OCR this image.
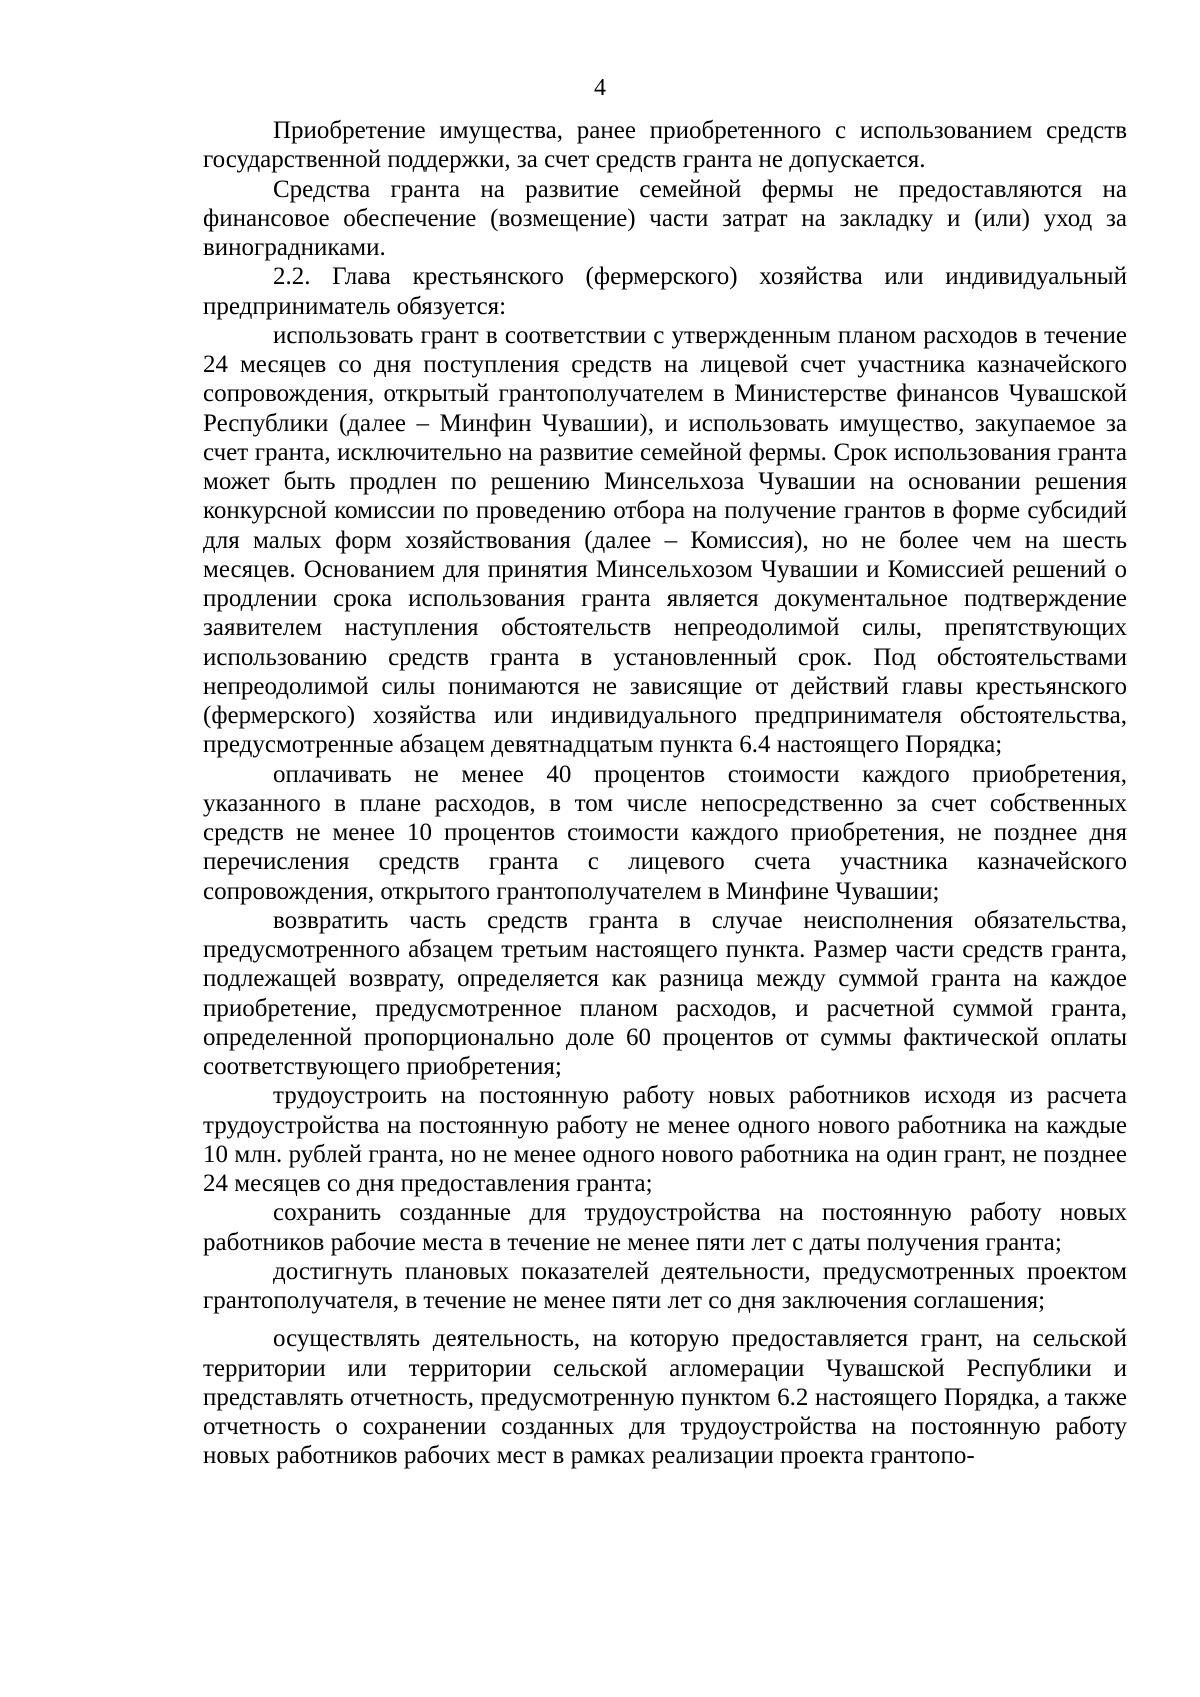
4

Приобретение имущества, ранее приобретенного с использованием средств государственной поддержки, за счет средств гранта не допускается.

Средства гранта на развитие семейной фермы не предоставляются на финансовое обеспечение (возмещение) части затрат на закладку и (или) уход за виноградниками.

2.2. Глава крестьянского (фермерского) хозяйства или индивидуальный предприниматель обязуется:

использовать грант в соответствии с утвержденным планом расходов в течение 24 месяцев со дня поступления средств на лицевой счет участника казначейского сопровождения, открытый грантополучателем в Министерстве финансов Чувашской Республики (далее – Минфин Чувашии), и использовать имущество, закупаемое за счет гранта, исключительно на развитие семейной фермы. Срок использования гранта может быть продлен по решению Минсельхоза Чувашии на основании решения конкурсной комиссии по проведению отбора на получение грантов в форме субсидий для малых форм хозяйствования (далее – Комиссия), но не более чем на шесть месяцев. Основанием для принятия Минсельхозом Чувашии и Комиссией решений о продлении срока использования гранта является документальное подтверждение заявителем наступления обстоятельств непреодолимой силы, препятствующих использованию средств гранта в установленный срок. Под обстоятельствами непреодолимой силы понимаются не зависящие от действий главы крестьянского (фермерского) хозяйства или индивидуального предпринимателя обстоятельства, предусмотренные абзацем девятнадцатым пункта 6.4 настоящего Порядка;

оплачивать не менее 40 процентов стоимости каждого приобретения, указанного в плане расходов, в том числе непосредственно за счет собственных средств не менее 10 процентов стоимости каждого приобретения, не позднее дня перечисления средств гранта с лицевого счета участника казначейского сопровождения, открытого грантополучателем в Минфине Чувашии;

возвратить часть средств гранта в случае неисполнения обязательства, предусмотренного абзацем третьим настоящего пункта. Размер части средств гранта, подлежащей возврату, определяется как разница между суммой гранта на каждое приобретение, предусмотренное планом расходов, и расчетной суммой гранта, определенной пропорционально доле 60 процентов от суммы фактической оплаты соответствующего приобретения;

трудоустроить на постоянную работу новых работников исходя из расчета трудоустройства на постоянную работу не менее одного нового работника на каждые 10 млн. рублей гранта, но не менее одного нового работника на один грант, не позднее 24 месяцев со дня предоставления гранта;

сохранить созданные для трудоустройства на постоянную работу новых работников рабочие места в течение не менее пяти лет с даты получения гранта;

достигнуть плановых показателей деятельности, предусмотренных проектом грантополучателя, в течение не менее пяти лет со дня заключения соглашения;

осуществлять деятельность, на которую предоставляется грант, на сельской территории или территории сельской агломерации Чувашской Республики и представлять отчетность, предусмотренную пунктом 6.2 настоящего Порядка, а также отчетность о сохранении созданных для трудоустройства на постоянную работу новых работников рабочих мест в рамках реализации проекта грантопо-
